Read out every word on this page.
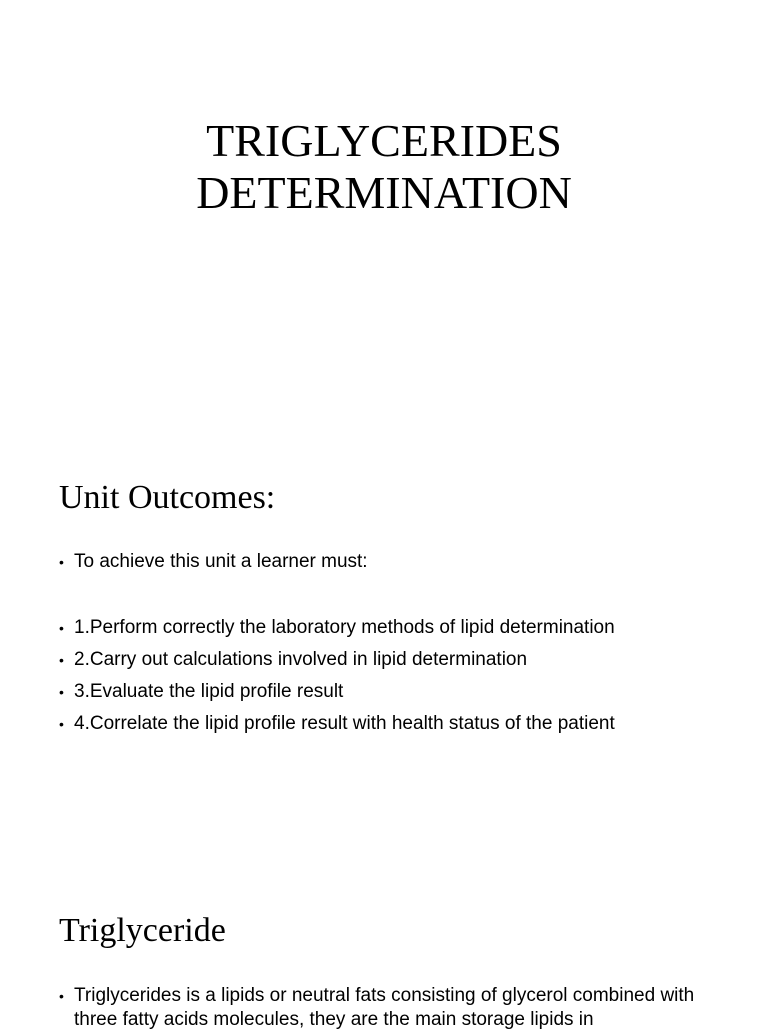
TRIGLYCERIDES
DETERMINATION
Unit Outcomes:
• To achieve this unit a learner must:
• 1.Perform correctly the laboratory methods of lipid determination
• 2.Carry out calculations involved in lipid determination
• 3.Evaluate the lipid profile result
• 4.Correlate the lipid profile result with health status of the patient
Triglyceride
• Triglycerides is a lipids or neutral fats consisting of glycerol combined with three fatty acids molecules, they are the main storage lipids in
